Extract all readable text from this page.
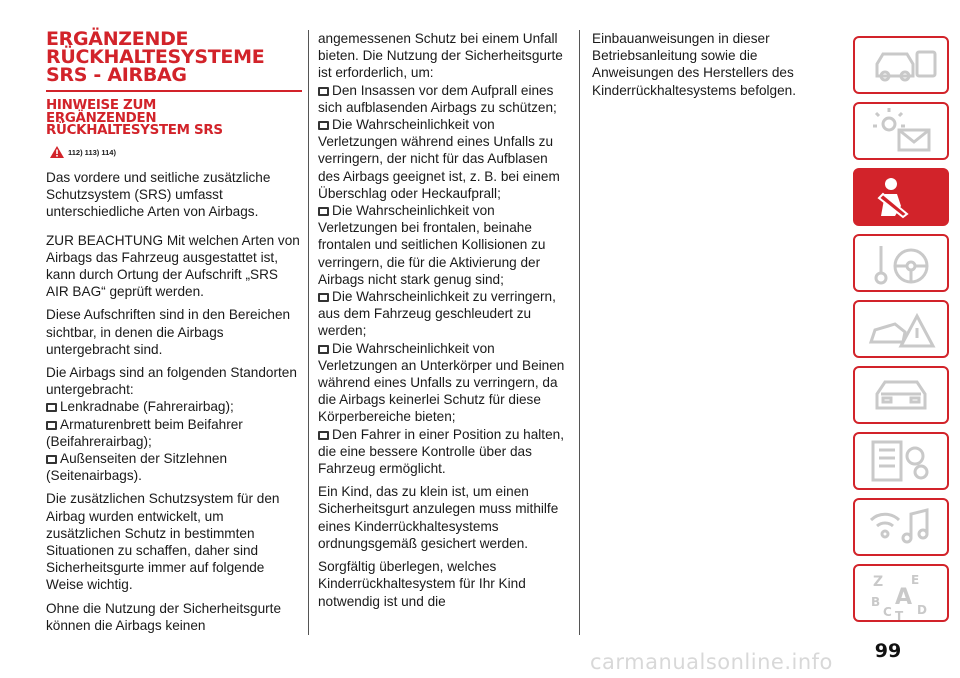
ERGÄNZENDE
RÜCKHALTESYSTEME
SRS - AIRBAG
HINWEISE ZUM
ERGÄNZENDEN
RÜCKHALTESYSTEM SRS
112) 113) 114)

Das vordere und seitliche zusätzliche Schutzsystem (SRS) umfasst unterschiedliche Arten von Airbags.

ZUR BEACHTUNG Mit welchen Arten von Airbags das Fahrzeug ausgestattet ist, kann durch Ortung der Aufschrift „SRS AIR BAG“ geprüft werden.

Diese Aufschriften sind in den Bereichen sichtbar, in denen die Airbags untergebracht sind.

Die Airbags sind an folgenden Standorten untergebracht:

Lenkradnabe (Fahrerairbag);
Armaturenbrett beim Beifahrer (Beifahrerairbag);
Außenseiten der Sitzlehnen (Seitenairbags).

Die zusätzlichen Schutzsystem für den Airbag wurden entwickelt, um zusätzlichen Schutz in bestimmten Situationen zu schaffen, daher sind Sicherheitsgurte immer auf folgende Weise wichtig.

Ohne die Nutzung der Sicherheitsgurte können die Airbags keinen

angemessenen Schutz bei einem Unfall bieten. Die Nutzung der Sicherheitsgurte ist erforderlich, um:

Den Insassen vor dem Aufprall eines sich aufblasenden Airbags zu schützen;
Die Wahrscheinlichkeit von Verletzungen während eines Unfalls zu verringern, der nicht für das Aufblasen des Airbags geeignet ist, z. B. bei einem Überschlag oder Heckaufprall;
Die Wahrscheinlichkeit von Verletzungen bei frontalen, beinahe frontalen und seitlichen Kollisionen zu verringern, die für die Aktivierung der Airbags nicht stark genug sind;
Die Wahrscheinlichkeit zu verringern, aus dem Fahrzeug geschleudert zu werden;
Die Wahrscheinlichkeit von Verletzungen an Unterkörper und Beinen während eines Unfalls zu verringern, da die Airbags keinerlei Schutz für diese Körperbereiche bieten;
Den Fahrer in einer Position zu halten, die eine bessere Kontrolle über das Fahrzeug ermöglicht.

Ein Kind, das zu klein ist, um einen Sicherheitsgurt anzulegen muss mithilfe eines Kinderrückhaltesystems ordnungsgemäß gesichert werden.

Sorgfältig überlegen, welches Kinderrückhaltesystem für Ihr Kind notwendig ist und die

Einbauanweisungen in dieser Betriebsanleitung sowie die Anweisungen des Herstellers des Kinderrückhaltesystems befolgen.

Z E
B A
C T D
99
carmanualsonline.info
